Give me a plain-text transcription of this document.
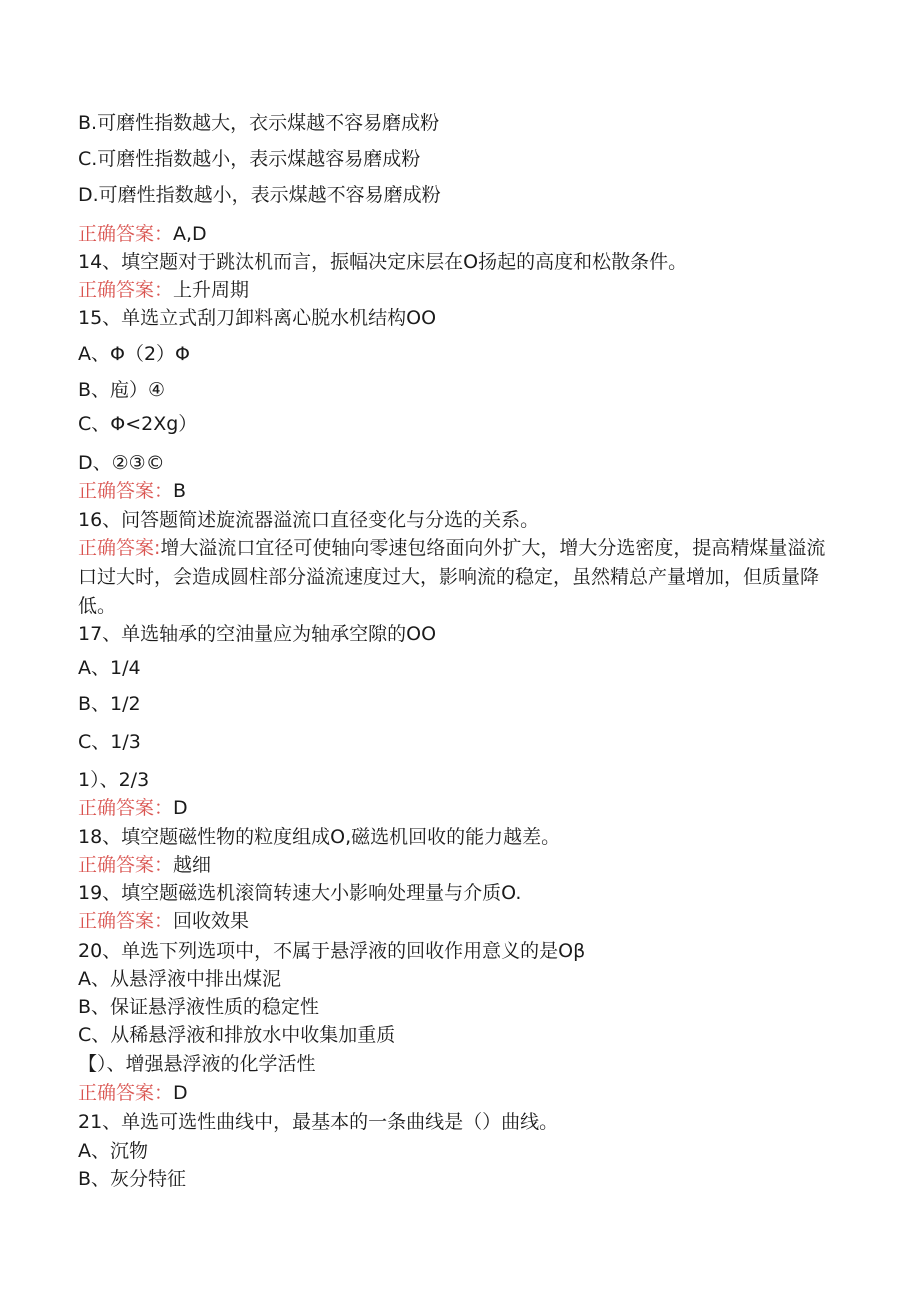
B.可磨性指数越大，衣示煤越不容易磨成粉
C.可磨性指数越小，表示煤越容易磨成粉
D.可磨性指数越小，表示煤越不容易磨成粉
正确答案：A,D
14、填空题对于跳汰机而言，振幅决定床层在O扬起的高度和松散条件。
正确答案：上升周期
15、单选立式刮刀卸料离心脱水机结构OO
A、Φ（2）Φ
B、庖）④
C、Φ<2Xg）
D、②③©
正确答案：B
16、问答题简述旋流器溢流口直径变化与分选的关系。
正确答案:增大溢流口宜径可使轴向零速包络面向外扩大，增大分选密度，提高精煤量溢流口过大时，会造成圆柱部分溢流速度过大，影响流的稳定，虽然精总产量增加，但质量降低。
17、单选轴承的空油量应为轴承空隙的OO
A、1/4
B、1/2
C、1/3
1）、2/3
正确答案：D
18、填空题磁性物的粒度组成O,磁选机回收的能力越差。
正确答案：越细
19、填空题磁选机滚筒转速大小影响处理量与介质O.
正确答案：回收效果
20、单选下列选项中，不属于悬浮液的回收作用意义的是Oβ
A、从悬浮液中排出煤泥
B、保证悬浮液性质的稳定性
C、从稀悬浮液和排放水中收集加重质
【）、增强悬浮液的化学活性
正确答案：D
21、单选可选性曲线中，最基本的一条曲线是（）曲线。
A、沉物
B、灰分特征
